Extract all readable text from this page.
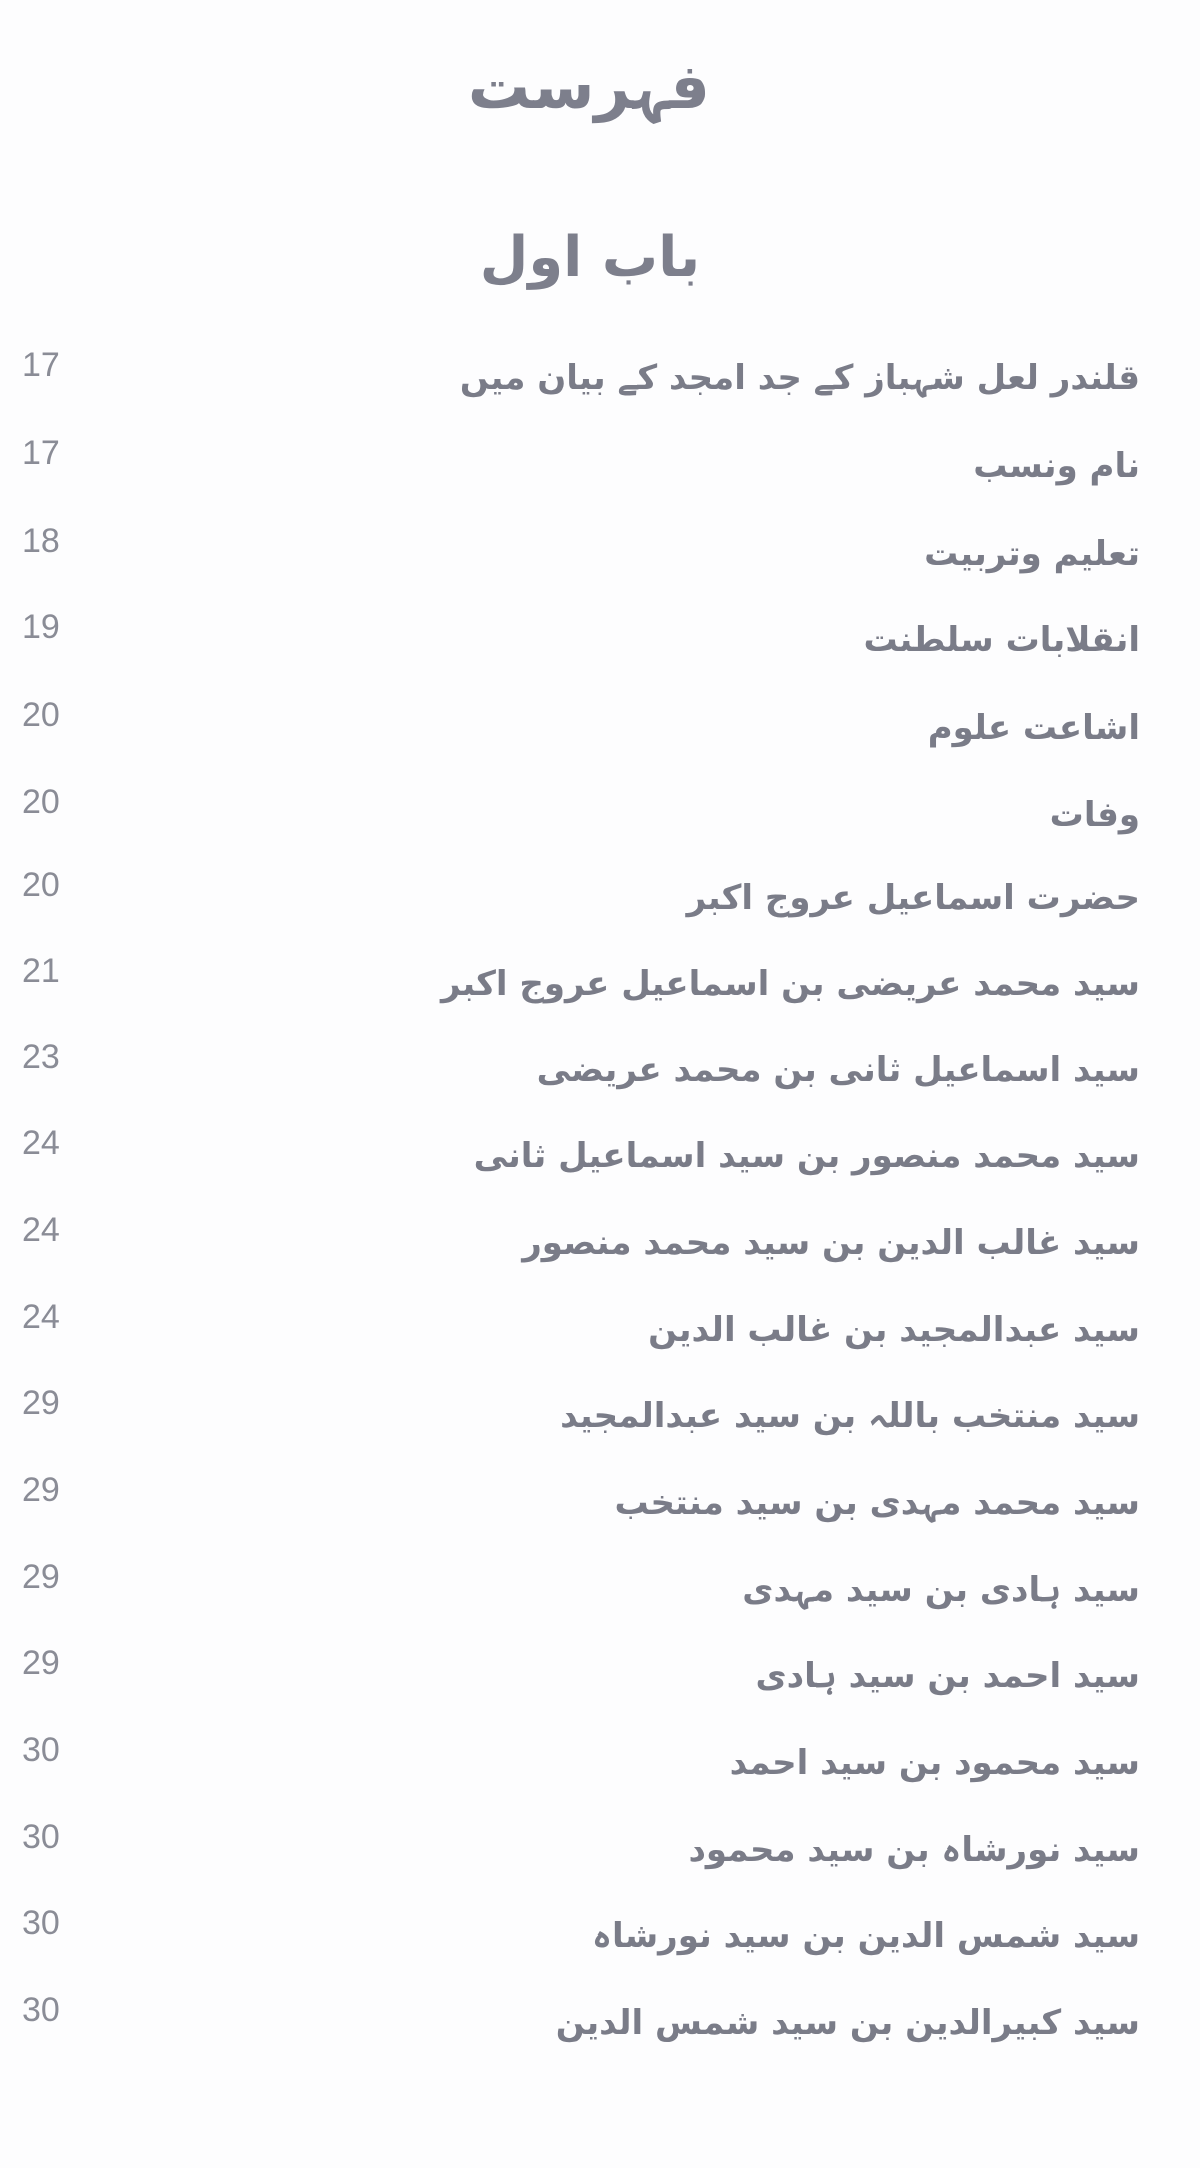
فہرست
باب اول
17	قلندر لعل شہباز کے جد امجد کے بیان میں
17	نام ونسب
18	تعلیم وتربیت
19	انقلابات سلطنت
20	اشاعت علوم
20	وفات
20	حضرت اسماعیل عروج اکبر
21	سید محمد عریضی بن اسماعیل عروج اکبر
23	سید اسماعیل ثانی بن محمد عریضی
24	سید محمد منصور بن سید اسماعیل ثانی
24	سید غالب الدین بن سید محمد منصور
24	سید عبدالمجید بن غالب الدین
29	سید منتخب باللہ بن سید عبدالمجید
29	سید محمد مہدی بن سید منتخب
29	سید ہادی بن سید مہدی
29	سید احمد بن سید ہادی
30	سید محمود بن سید احمد
30	سید نورشاہ بن سید محمود
30	سید شمس الدین بن سید نورشاہ
30	سید کبیرالدین بن سید شمس الدین
